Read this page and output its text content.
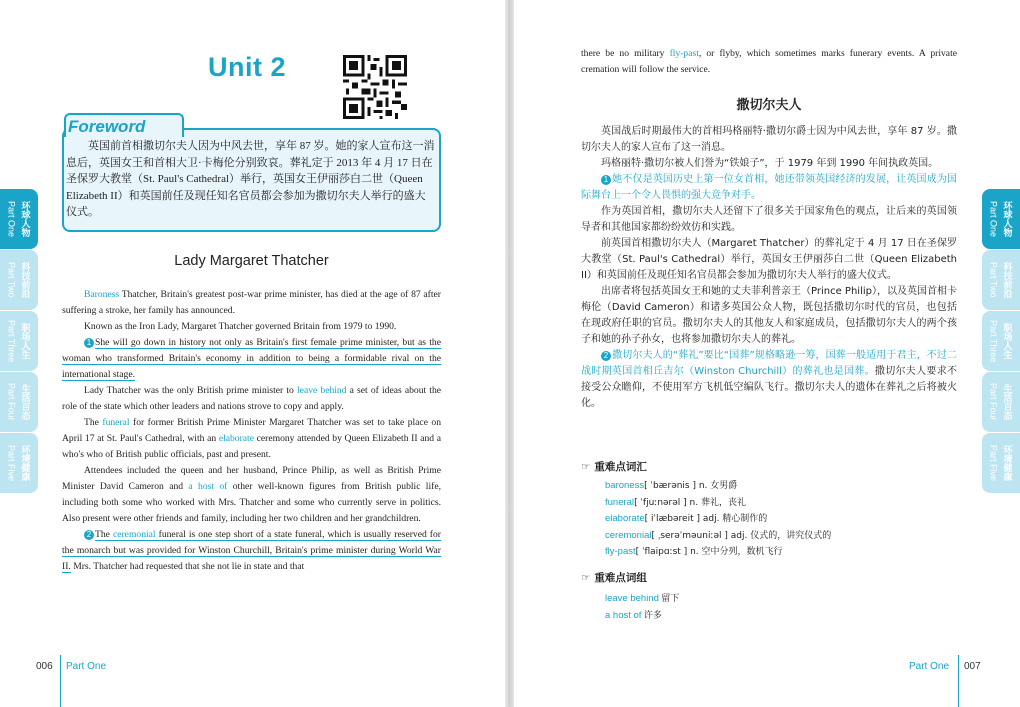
Unit 2
Foreword
英国前首相撒切尔夫人因为中风去世，享年 87 岁。她的家人宣布这一消息后，英国女王和首相大卫·卡梅伦分别致哀。葬礼定于 2013 年 4 月 17 日在圣保罗大教堂（St. Paul's Cathedral）举行，英国女王伊丽莎白二世（Queen Elizabeth II）和英国前任及现任知名官员都会参加为撒切尔夫人举行的盛大仪式。
Lady Margaret Thatcher

Baroness Thatcher, Britain's greatest post-war prime minister, has died at the age of 87 after suffering a stroke, her family has announced.

Known as the Iron Lady, Margaret Thatcher governed Britain from 1979 to 1990.

1 She will go down in history not only as Britain's first female prime minister, but as the woman who transformed Britain's economy in addition to being a formidable rival on the international stage.

Lady Thatcher was the only British prime minister to leave behind a set of ideas about the role of the state which other leaders and nations strove to copy and apply.

The funeral for former British Prime Minister Margaret Thatcher was set to take place on April 17 at St. Paul's Cathedral, with an elaborate ceremony attended by Queen Elizabeth II and a who's who of British public officials, past and present.

Attendees included the queen and her husband, Prince Philip, as well as British Prime Minister David Cameron and a host of other well-known figures from British public life, including both some who worked with Mrs. Thatcher and some who currently serve in politics. Also present were other friends and family, including her two children and her grandchildren.

2 The ceremonial funeral is one step short of a state funeral, which is usually reserved for the monarch but was provided for Winston Churchill, Britain's prime minister during World War II. Mrs. Thatcher had requested that she not lie in state and that

006 Part One
Part One 环球人物
Part Two 科技前沿
Part Three 职场人生
Part Four 生活百态
Part Five 环境健康
there be no military fly-past, or flyby, which sometimes marks funerary events. A private cremation will follow the service.
撒切尔夫人

英国战后时期最伟大的首相玛格丽特·撒切尔爵士因为中风去世，享年 87 岁。撒切尔夫人的家人宣布了这一消息。

玛格丽特·撒切尔被人们誉为“铁娘子”，于 1979 年到 1990 年间执政英国。

1 她不仅是英国历史上第一位女首相，她还带领英国经济的发展，让英国成为国际舞台上一个令人畏惧的强大竞争对手。

作为英国首相，撒切尔夫人还留下了很多关于国家角色的观点，让后来的英国领导者和其他国家都纷纷效仿和实践。

前英国首相撒切尔夫人（Margaret Thatcher）的葬礼定于 4 月 17 日在圣保罗大教堂（St. Paul's Cathedral）举行，英国女王伊丽莎白二世（Queen Elizabeth II）和英国前任及现任知名官员都会参加为撒切尔夫人举行的盛大仪式。

出席者将包括英国女王和她的丈夫菲利普亲王（Prince Philip），以及英国首相卡梅伦（David Cameron）和诸多英国公众人物，既包括撒切尔时代的官员，也包括在现政府任职的官员。撒切尔夫人的其他友人和家庭成员，包括撒切尔夫人的两个孩子和她的孙子孙女，也将参加撒切尔夫人的葬礼。

2 撒切尔夫人的“葬礼”要比“国葬”规格略逊一筹，国葬一般适用于君主，不过二战时期英国首相丘吉尔（Winston Churchill）的葬礼也是国葬。撒切尔夫人要求不接受公众瞻仰，不使用军方飞机低空编队飞行。撒切尔夫人的遗体在葬礼之后将被火化。

☞ 重难点词汇
baroness[ ˈbærənis ] n. 女男爵
funeral[ ˈfjuːnərəl ] n. 葬礼，丧礼
elaborate[ iˈlæbəreit ] adj. 精心制作的
ceremonial[ ˌserəˈməuniːəl ] adj. 仪式的，讲究仪式的
fly-past[ ˈflaipɑːst ] n. 空中分列，数机飞行
☞ 重难点词组
leave behind 留下
a host of 许多
Part One 007
Part One 环球人物
Part Two 科技前沿
Part Three 职场人生
Part Four 生活百态
Part Five 环境健康
